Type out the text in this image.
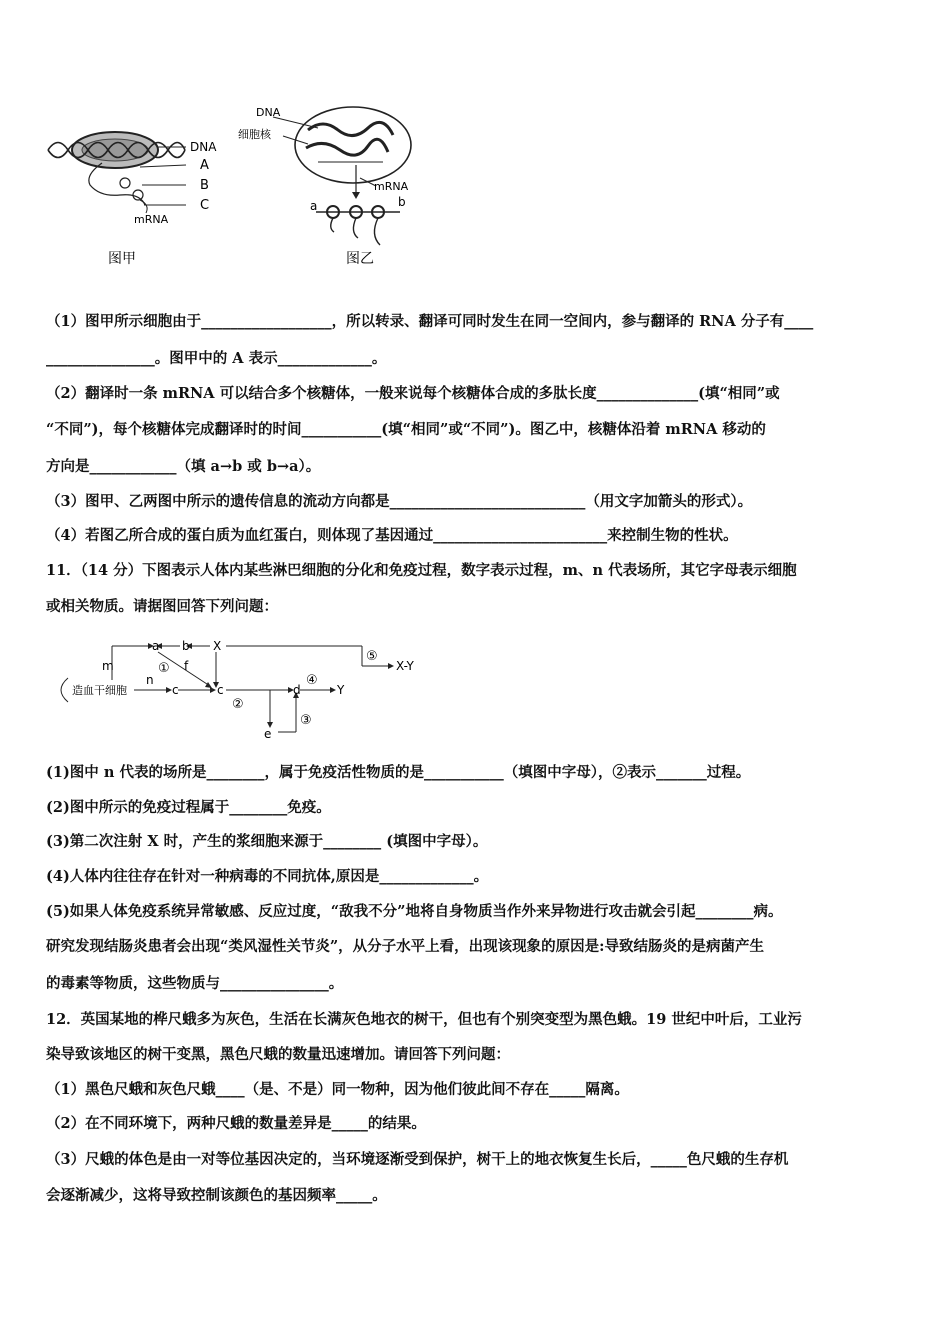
DNA
A
B
C
mRNA
图甲
DNA
细胞核
mRNA
a	b
图乙
（1）图甲所示细胞由于__________________，所以转录、翻译可同时发生在同一空间内，参与翻译的 RNA 分子有____
_______________。图甲中的 A 表示_____________。
（2）翻译时一条 mRNA 可以结合多个核糖体，一般来说每个核糖体合成的多肽长度______________(填“相同”或
“不同”)，每个核糖体完成翻译时的时间___________(填“相同”或“不同”)。图乙中，核糖体沿着 mRNA 移动的
方向是____________（填 a→b 或 b→a）。
（3）图甲、乙两图中所示的遗传信息的流动方向都是___________________________（用文字加箭头的形式）。
（4）若图乙所合成的蛋白质为血红蛋白，则体现了基因通过________________________来控制生物的性状。
11．（14 分）下图表示人体内某些淋巴细胞的分化和免疫过程，数字表示过程，m、n 代表场所，其它字母表示细胞
或相关物质。请据图回答下列问题：
a b X
m	f
造血干细胞
n
c	c	d	Y
e
X-Y
①
②
③
④
⑤
(1)图中 n 代表的场所是________，属于免疫活性物质的是___________（填图中字母），②表示_______过程。
(2)图中所示的免疫过程属于________免疫。
(3)第二次注射 X 时，产生的浆细胞来源于________ (填图中字母）。
(4)人体内往往存在针对一种病毒的不同抗体,原因是_____________。
(5)如果人体免疫系统异常敏感、反应过度，“敌我不分”地将自身物质当作外来异物进行攻击就会引起________病。
研究发现结肠炎患者会出现“类风湿性关节炎”，从分子水平上看，出现该现象的原因是:导致结肠炎的是病菌产生
的毒素等物质，这些物质与_______________。
12．英国某地的桦尺蛾多为灰色，生活在长满灰色地衣的树干，但也有个别突变型为黑色蛾。19 世纪中叶后，工业污
染导致该地区的树干变黑，黑色尺蛾的数量迅速增加。请回答下列问题：
（1）黑色尺蛾和灰色尺蛾____（是、不是）同一物种，因为他们彼此间不存在_____隔离。
（2）在不同环境下，两种尺蛾的数量差异是_____的结果。
（3）尺蛾的体色是由一对等位基因决定的，当环境逐渐受到保护，树干上的地衣恢复生长后，_____色尺蛾的生存机
会逐渐减少，这将导致控制该颜色的基因频率_____。
